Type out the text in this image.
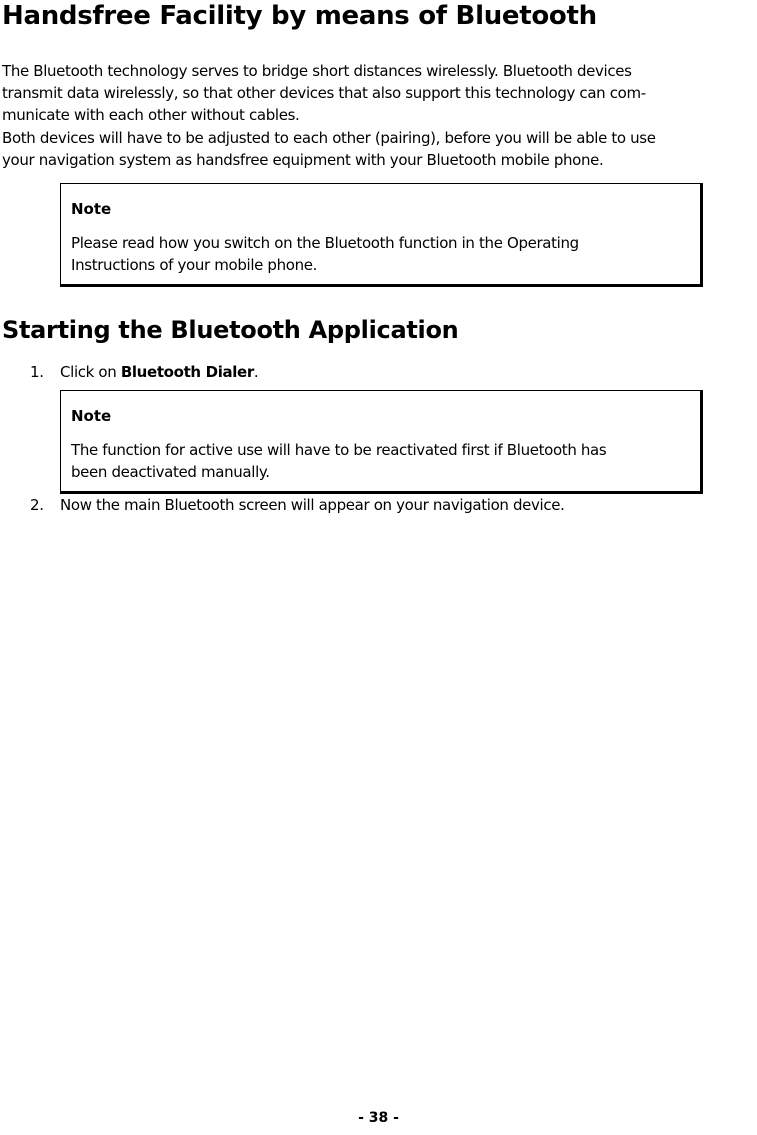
Handsfree Facility by means of Bluetooth

The Bluetooth technology serves to bridge short distances wirelessly. Bluetooth devices
transmit data wirelessly, so that other devices that also support this technology can com-
municate with each other without cables.

Both devices will have to be adjusted to each other (pairing), before you will be able to use
your navigation system as handsfree equipment with your Bluetooth mobile phone.

Note
Please read how you switch on the Bluetooth function in the Operating
Instructions of your mobile phone.
Starting the Bluetooth Application
1. Click on Bluetooth Dialer.
Note
The function for active use will have to be reactivated first if Bluetooth has
been deactivated manually.
2. Now the main Bluetooth screen will appear on your navigation device.
- 38 -
